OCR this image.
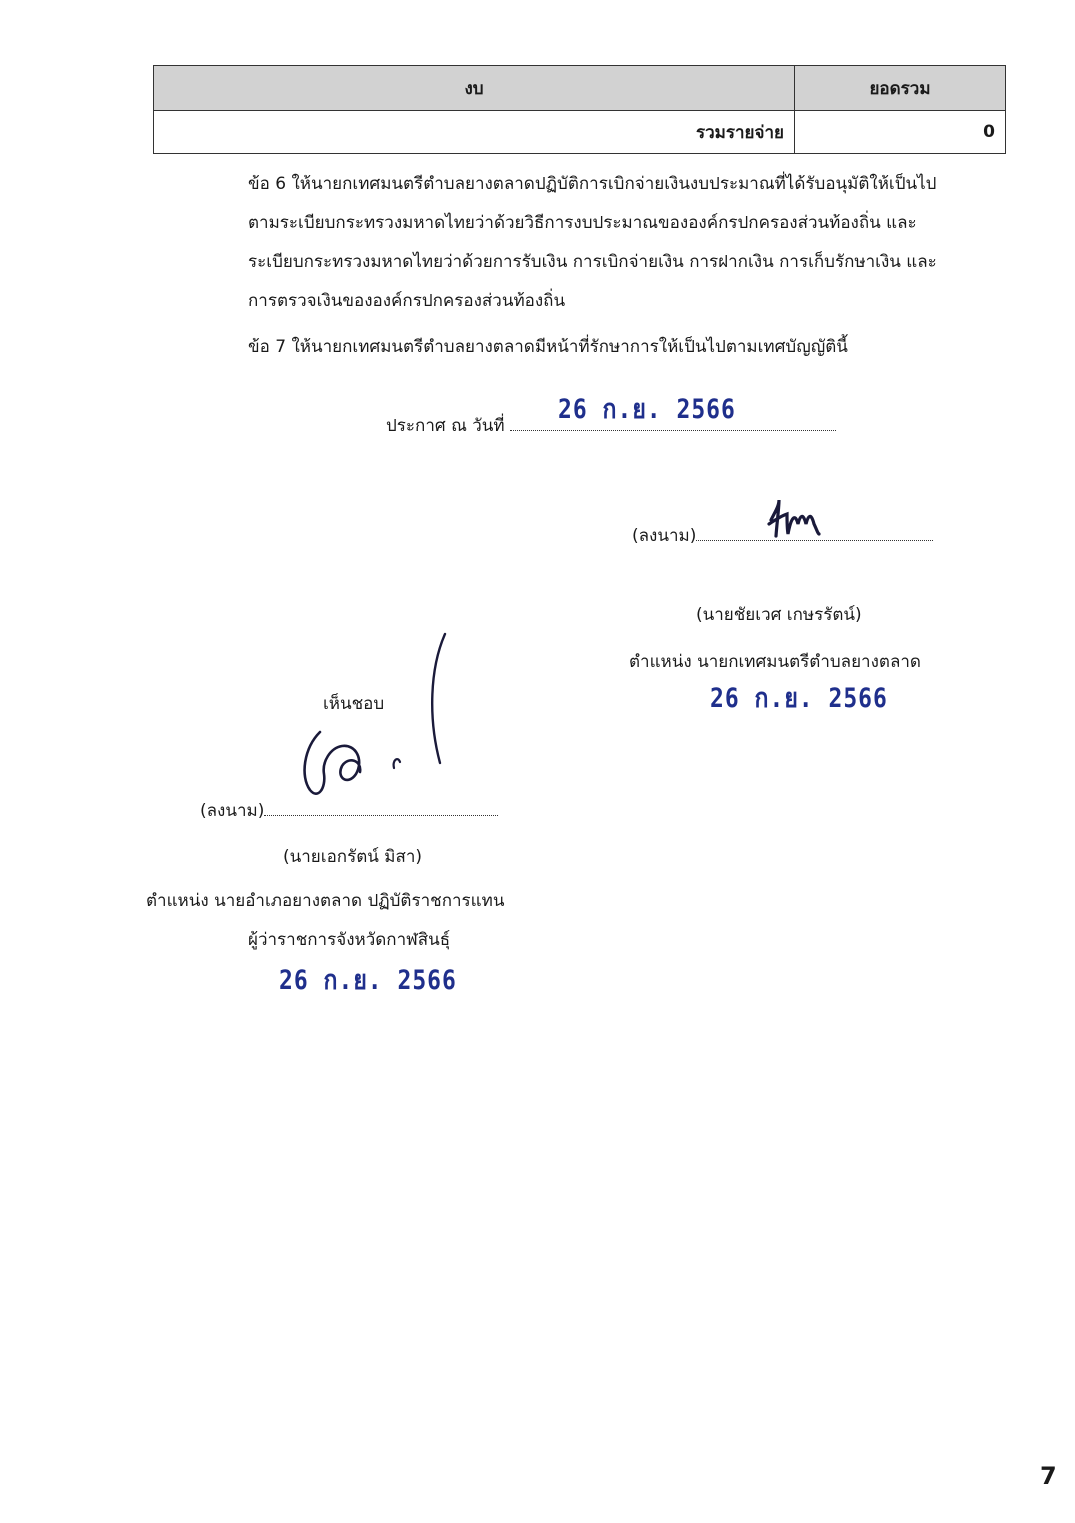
งบ	ยอดรวม
รวมรายจ่าย	0
ข้อ 6 ให้นายกเทศมนตรีตำบลยางตลาดปฏิบัติการเบิกจ่ายเงินงบประมาณที่ได้รับอนุมัติให้เป็นไป
ตามระเบียบกระทรวงมหาดไทยว่าด้วยวิธีการงบประมาณขององค์กรปกครองส่วนท้องถิ่น และ
ระเบียบกระทรวงมหาดไทยว่าด้วยการรับเงิน การเบิกจ่ายเงิน การฝากเงิน การเก็บรักษาเงิน และ
การตรวจเงินขององค์กรปกครองส่วนท้องถิ่น
ข้อ 7 ให้นายกเทศมนตรีตำบลยางตลาดมีหน้าที่รักษาการให้เป็นไปตามเทศบัญญัตินี้
ประกาศ ณ วันที่
26 ก.ย. 2566
(ลงนาม)
(นายชัยเวศ เกษรรัตน์)
ตำแหน่ง นายกเทศมนตรีตำบลยางตลาด
26 ก.ย. 2566
เห็นชอบ
(ลงนาม)
(นายเอกรัตน์ มิสา)
ตำแหน่ง นายอำเภอยางตลาด ปฏิบัติราชการแทน
ผู้ว่าราชการจังหวัดกาฬสินธุ์
26 ก.ย. 2566
7
